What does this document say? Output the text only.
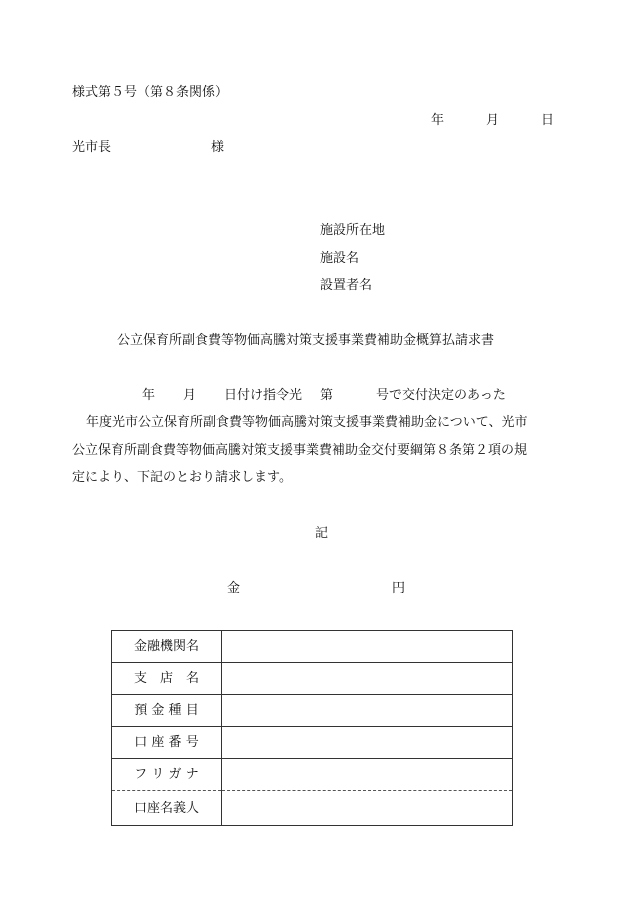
様式第５号（第８条関係）
年	月	日
光市長	様
施設所在地
施設名
設置者名
公立保育所副食費等物価高騰対策支援事業費補助金概算払請求書
年 月 日付け指令光 第	号で交付決定のあった
年度光市公立保育所副食費等物価高騰対策支援事業費補助金について、光市
公立保育所副食費等物価高騰対策支援事業費補助金交付要綱第８条第２項の規
定により、下記のとおり請求します。
記
金	円
金融機関名	
支　店　名	
預 金 種 目	
口 座 番 号	
フ リ ガ ナ	
口座名義人	
